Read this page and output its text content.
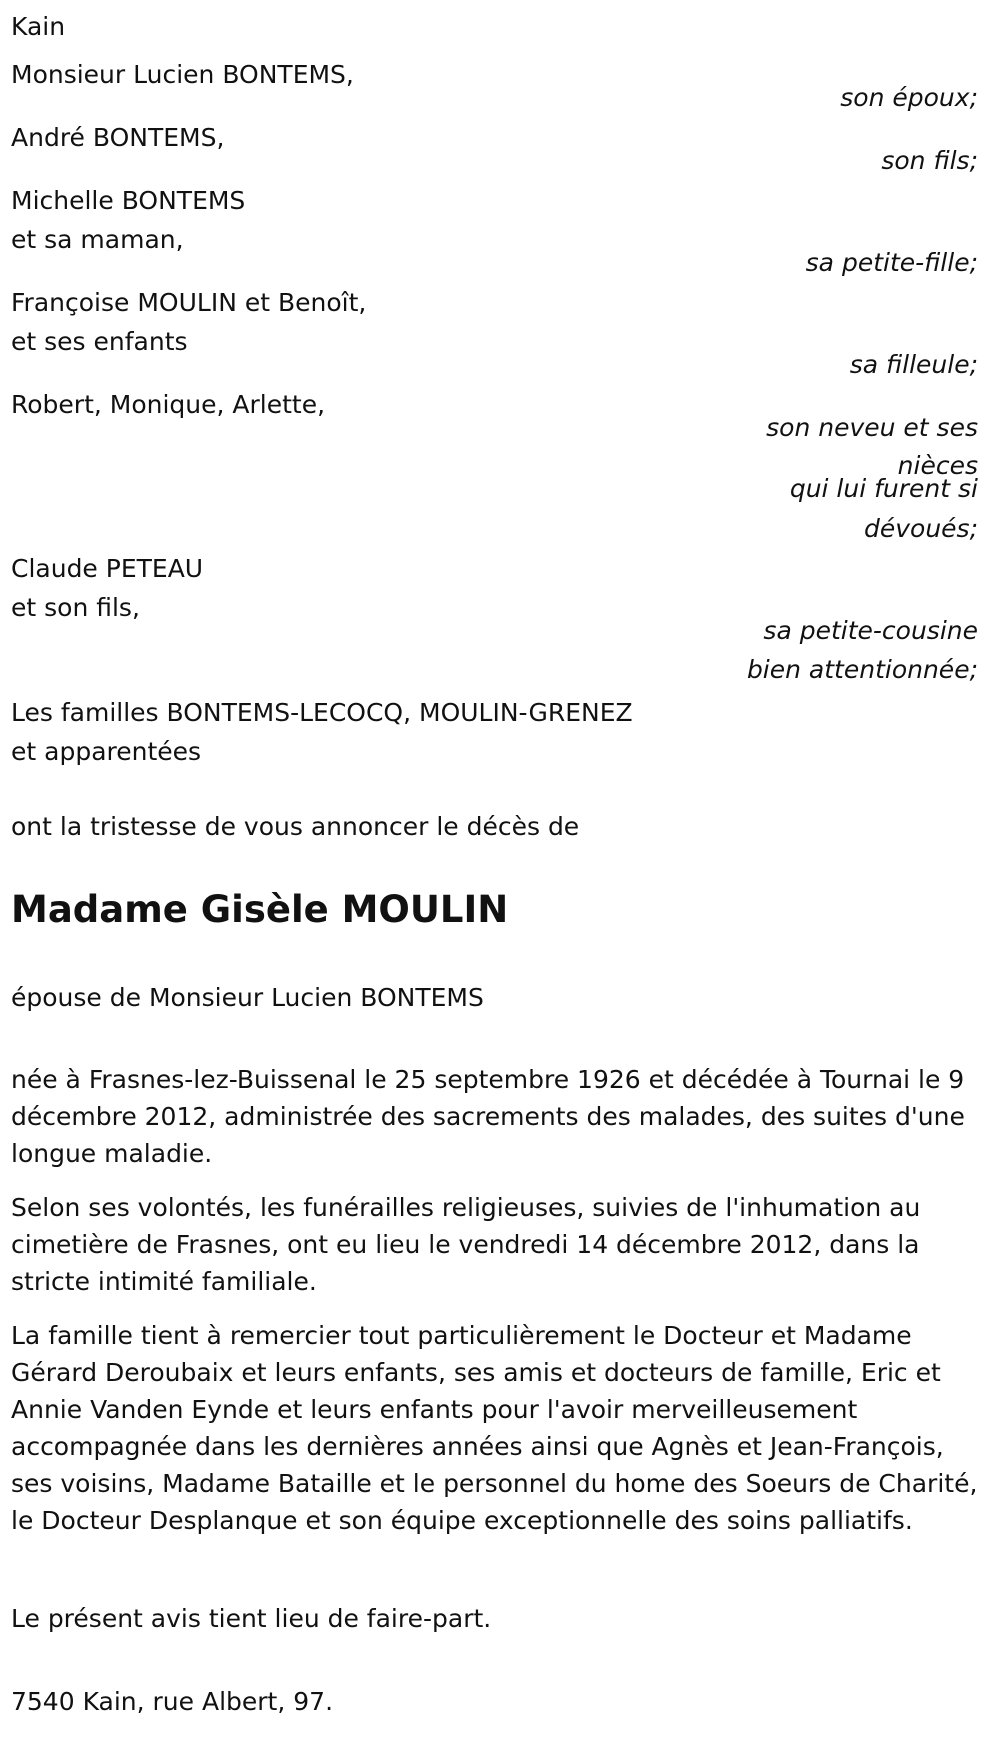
Kain
Monsieur Lucien BONTEMS,
son époux;
André BONTEMS,
son fils;
Michelle BONTEMS
et sa maman,
sa petite-fille;
Françoise MOULIN et Benoît,
et ses enfants
sa filleule;
Robert, Monique, Arlette,
son neveu et ses
nièces
qui lui furent si
dévoués;
Claude PETEAU
et son fils,
sa petite-cousine
bien attentionnée;
Les familles BONTEMS-LECOCQ, MOULIN-GRENEZ
et apparentées
ont la tristesse de vous annoncer le décès de
Madame Gisèle MOULIN
épouse de Monsieur Lucien BONTEMS
née à Frasnes-lez-Buissenal le 25 septembre 1926 et décédée à Tournai le 9 décembre 2012, administrée des sacrements des malades, des suites d'une longue maladie.
Selon ses volontés, les funérailles religieuses, suivies de l'inhumation au cimetière de Frasnes, ont eu lieu le vendredi 14 décembre 2012, dans la stricte intimité familiale.
La famille tient à remercier tout particulièrement le Docteur et Madame Gérard Deroubaix et leurs enfants, ses amis et docteurs de famille, Eric et Annie Vanden Eynde et leurs enfants pour l'avoir merveilleusement accompagnée dans les dernières années ainsi que Agnès et Jean-François, ses voisins, Madame Bataille et le personnel du home des Soeurs de Charité, le Docteur Desplanque et son équipe exceptionnelle des soins palliatifs.
Le présent avis tient lieu de faire-part.
7540 Kain, rue Albert, 97.
